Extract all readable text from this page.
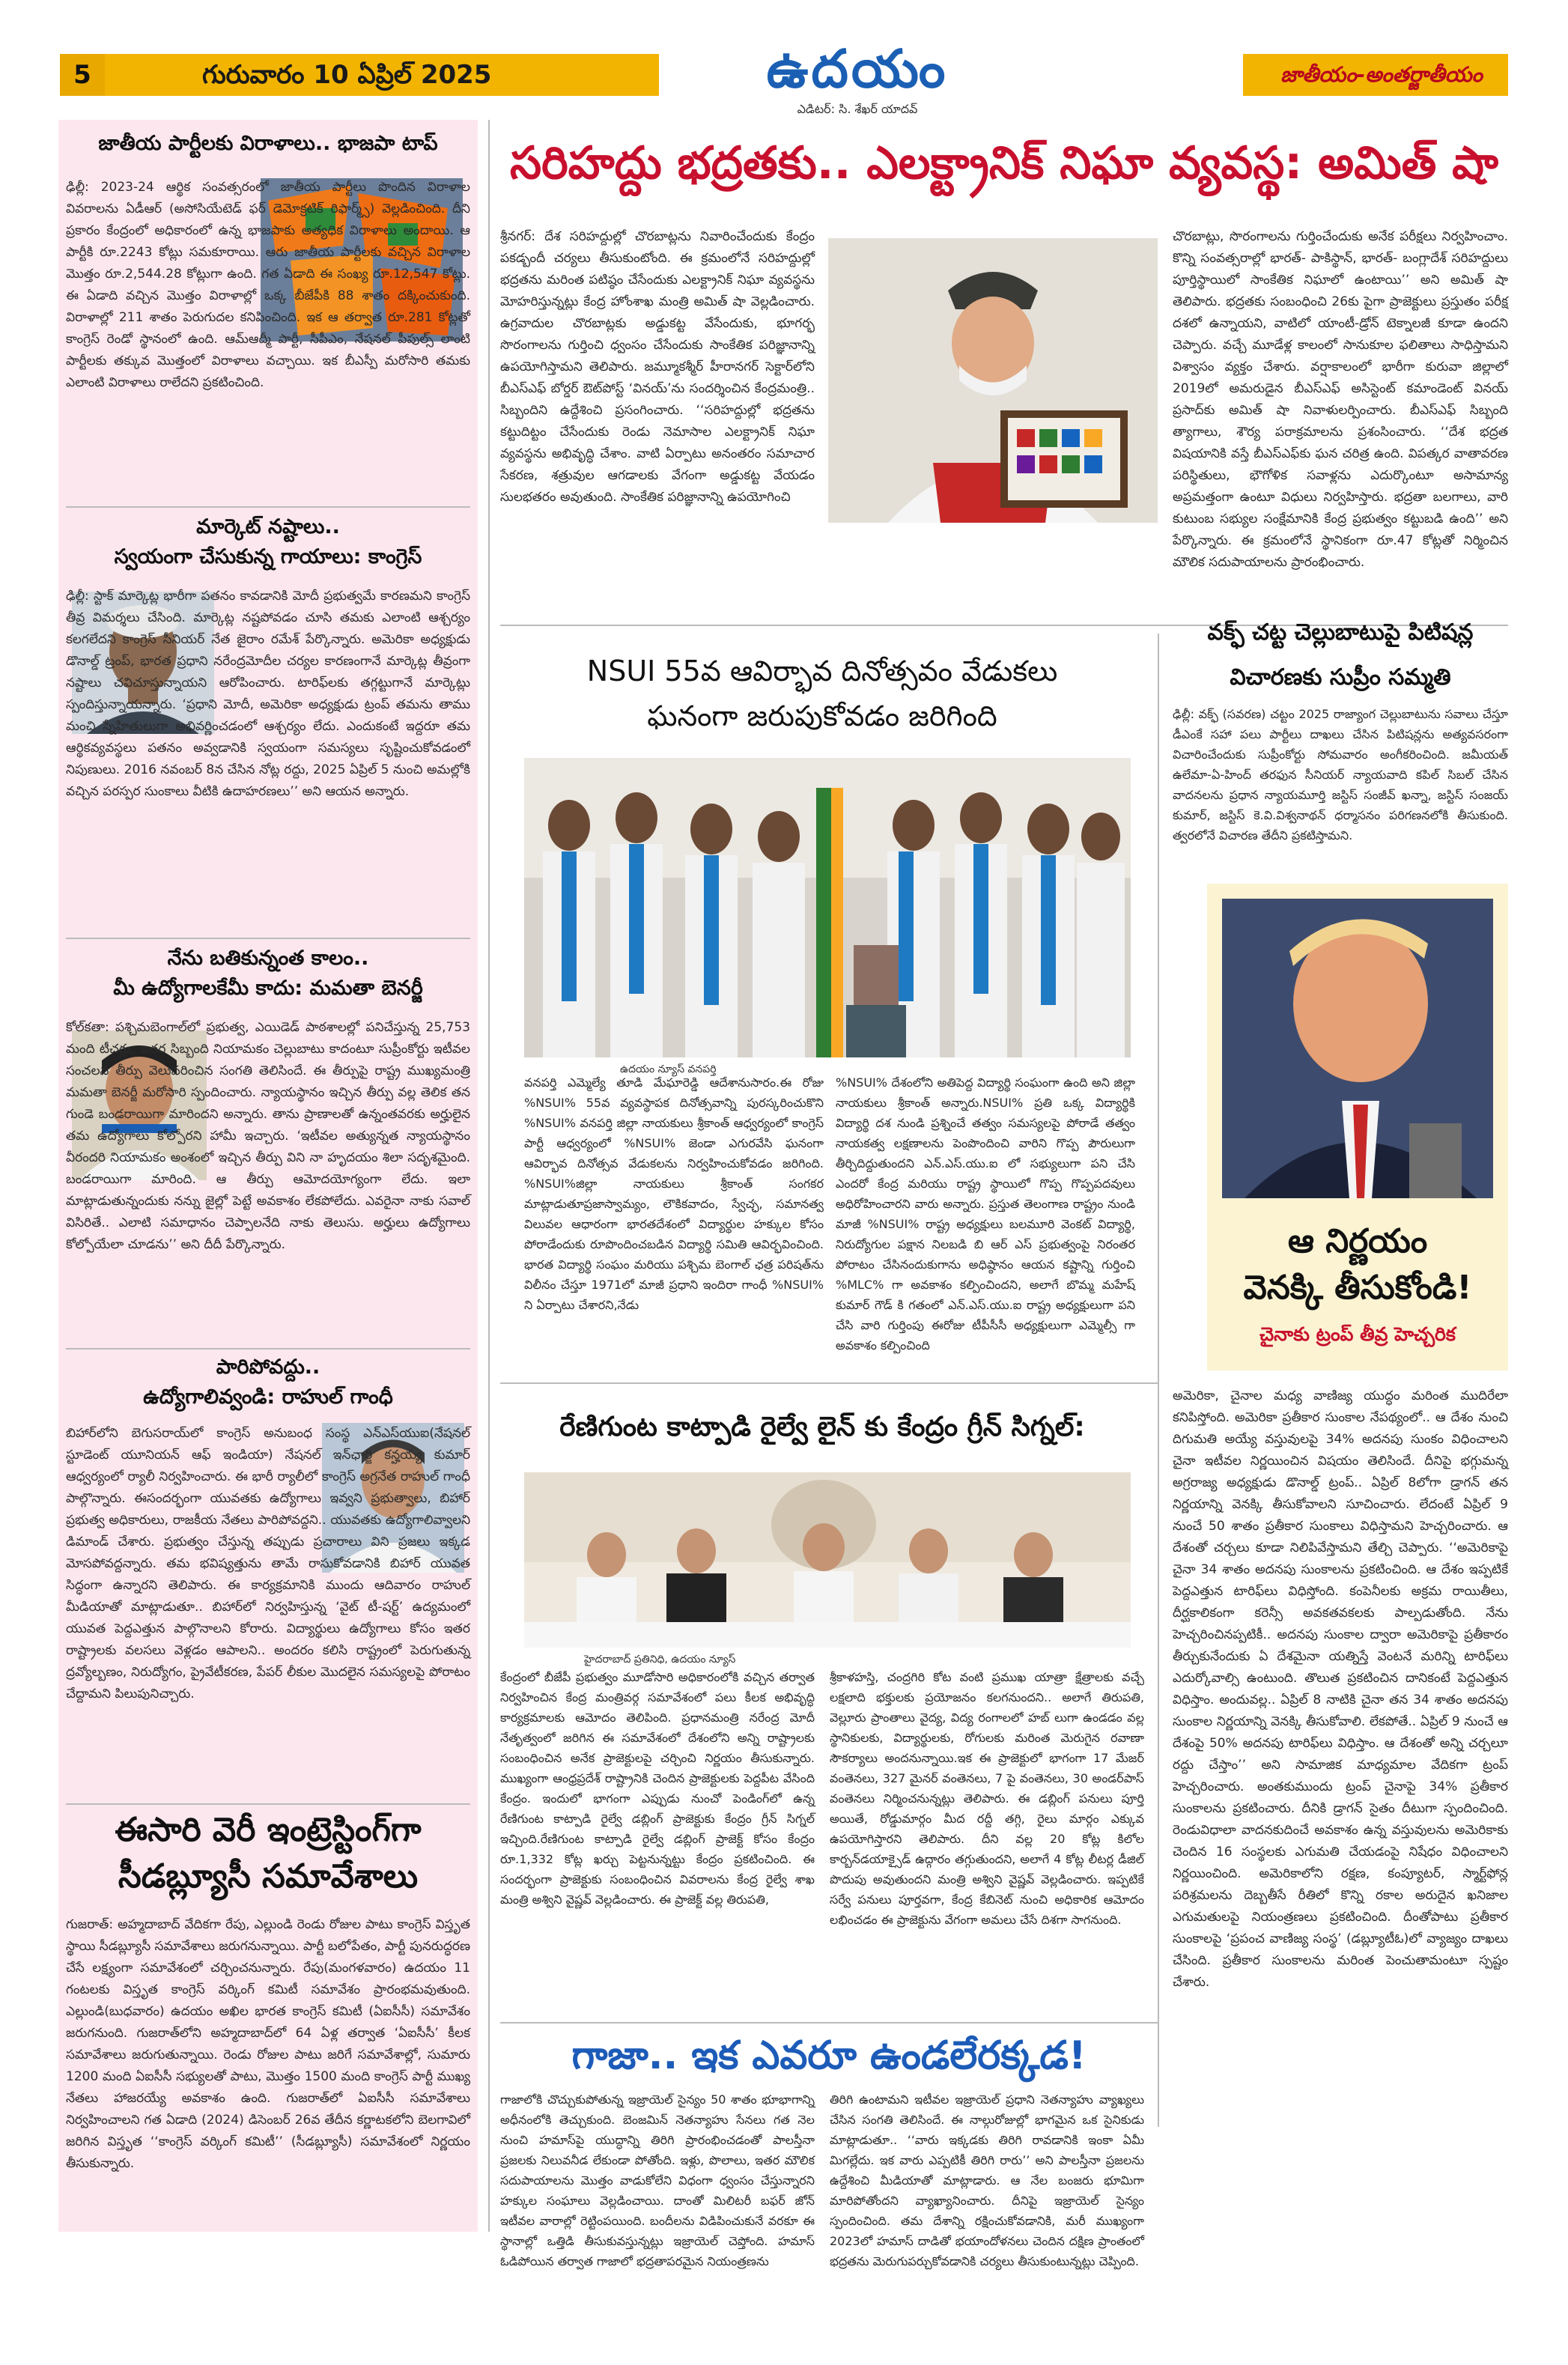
5	గురువారం 10 ఏప్రిల్ 2025	ఉదయం
ఎడిటర్: సి. శేఖర్ యాదవ్
జాతీయం-అంతర్జాతీయం
జాతీయ పార్టీలకు విరాళాలు.. భాజపా టాప్
ఢిల్లీ: 2023-24 ఆర్థిక సంవత్సరంలో జాతీయ పార్టీలు పొందిన విరాళాల వివరాలను ఏడీఆర్ (అసోసియేటెడ్ ఫర్ డెమోక్రటిక్ రిఫార్మ్స్) వెల్లడించింది. దీని ప్రకారం కేంద్రంలో అధికారంలో ఉన్న భాజపాకు అత్యధిక విరాళాలు అందాయి. ఆ పార్టీకి రూ.2243 కోట్లు సమకూరాయి. ఆరు జాతీయ పార్టీలకు వచ్చిన విరాళాల మొత్తం రూ.2,544.28 కోట్లుగా ఉంది. గత ఏడాది ఈ సంఖ్య రూ.12,547 కోట్లు. ఈ ఏడాది వచ్చిన మొత్తం విరాళాల్లో ఒక్క బీజేపీకి 88 శాతం దక్కించుకుంది. విరాళాల్లో 211 శాతం పెరుగుదల కనిపించింది. ఇక ఆ తర్వాత రూ.281 కోట్లతో కాంగ్రెస్ రెండో స్థానంలో ఉంది. ఆమ్ఆద్మీ పార్టీ, సీపీఎం, నేషనల్ పీపుల్స్ లాంటి పార్టీలకు తక్కువ మొత్తంలో విరాళాలు వచ్చాయి. ఇక బీఎస్పీ మరోసారి తమకు ఎలాంటి విరాళాలు రాలేదని ప్రకటించింది.
మార్కెట్ నష్టాలు..
స్వయంగా చేసుకున్న గాయాలు: కాంగ్రెస్
ఢిల్లీ: స్టాక్ మార్కెట్ల భారీగా పతనం కావడానికి మోదీ ప్రభుత్వమే కారణమని కాంగ్రెస్ తీవ్ర విమర్శలు చేసింది. మార్కెట్ల నష్టపోవడం చూసి తమకు ఎలాంటి ఆశ్చర్యం కలగలేదని కాంగ్రెస్ సీనియర్ నేత జైరాం రమేశ్ పేర్కొన్నారు. అమెరికా అధ్యక్షుడు డొనాల్డ్ ట్రంప్, భారత ప్రధాని నరేంద్రమోదీల చర్యల కారణంగానే మార్కెట్ల తీవ్రంగా నష్టాలు చవిచూస్తున్నాయని ఆరోపించారు. టారిఫ్‌లకు తగ్గట్టుగానే మార్కెట్లు స్పందిస్తున్నాయన్నారు. ‘ప్రధాని మోదీ, అమెరికా అధ్యక్షుడు ట్రంప్ తమను తాము మంచి స్నేహితులుగా అభివర్ణించడంలో ఆశ్చర్యం లేదు. ఎందుకంటే ఇద్దరూ తమ ఆర్థికవ్యవస్థలు పతనం అవ్వడానికి స్వయంగా సమస్యలు సృష్టించుకోవడంలో నిపుణులు. 2016 నవంబర్ 8న చేసిన నోట్ల రద్దు, 2025 ఏప్రిల్ 5 నుంచి అమల్లోకి వచ్చిన పరస్పర సుంకాలు వీటికి ఉదాహరణలు’’ అని ఆయన అన్నారు.
నేను బతికున్నంత కాలం..
మీ ఉద్యోగాలకేమీ కాదు: మమతా బెనర్జీ
కోల్‌కతా: పశ్చిమబెంగాల్‌లో ప్రభుత్వ, ఎయిడెడ్ పాఠశాలల్లో పనిచేస్తున్న 25,753 మంది టీచర్లు, ఇతర సిబ్బంది నియామకం చెల్లుబాటు కాదంటూ సుప్రీంకోర్టు ఇటీవల సంచలన తీర్పు వెలువరించిన సంగతి తెలిసిందే. ఈ తీర్పుపై రాష్ట్ర ముఖ్యమంత్రి మమతా బెనర్జీ మరోసారి స్పందించారు. న్యాయస్థానం ఇచ్చిన తీర్పు వల్ల తెలిక తన గుండె బండరాయిగా మారిందని అన్నారు. తాను ప్రాణాలతో ఉన్నంతవరకు అర్హులైన తమ ఉద్యోగాలు కోల్పోరని హామీ ఇచ్చారు. ‘ఇటీవల అత్యున్నత న్యాయస్థానం వీరందరి నియామకం అంశంలో ఇచ్చిన తీర్పు విని నా హృదయం శిలా సదృశమైంది. బండరాయిగా మారింది. ఆ తీర్పు ఆమోదయోగ్యంగా లేదు. ఇలా మాట్లాడుతున్నందుకు నన్ను జైల్లో పెట్టే అవకాశం లేకపోలేదు. ఎవరైనా నాకు సవాల్ విసిరితే.. ఎలాటి సమాధానం చెప్పాలనేది నాకు తెలుసు. అర్హులు ఉద్యోగాలు కోల్పోయేలా చూడను’’ అని దీదీ పేర్కొన్నారు.
పారిపోవద్దు..
ఉద్యోగాలివ్వండి: రాహుల్ గాంధీ
బిహార్‌లోని బెగుసరాయ్‌లో కాంగ్రెస్ అనుబంధ సంస్థ ఎన్ఎస్‌యుఐ(నేషనల్ స్టూడెంట్ యూనియన్ ఆఫ్ ఇండియా) నేషనల్ ఇన్‌ఛార్జి కన్హయ్య కుమార్ ఆధ్వర్యంలో ర్యాలీ నిర్వహించారు. ఈ భారీ ర్యాలీలో కాంగ్రెస్ అగ్రనేత రాహుల్ గాంధీ పాల్గొన్నారు. ఈసందర్భంగా యువతకు ఉద్యోగాలు ఇవ్వని ప్రభుత్వాలు, బిహార్ ప్రభుత్వ అధికారులు, రాజకీయ నేతలు పారిపోవద్దని.. యువతకు ఉద్యోగాలివ్వాలని డిమాండ్ చేశారు. ప్రభుత్వం చేస్తున్న తప్పుడు ప్రచారాలు విని ప్రజలు ఇక్కడ మోసపోవద్దన్నారు. తమ భవిష్యత్తును తామే రాసుకోవడానికి బిహార్ యువత సిద్ధంగా ఉన్నారని తెలిపారు. ఈ కార్యక్రమానికి ముందు ఆదివారం రాహుల్ మీడియాతో మాట్లాడుతూ.. బిహార్‌లో నిర్వహిస్తున్న ‘వైట్ టీ-షర్ట్’ ఉద్యమంలో యువత పెద్దఎత్తున పాల్గొనాలని కోరారు. విద్యార్థులు ఉద్యోగాలు కోసం ఇతర రాష్ట్రాలకు వలసలు వెళ్లడం ఆపాలని.. అందరం కలిసి రాష్ట్రంలో పెరుగుతున్న ద్రవ్యోల్బణం, నిరుద్యోగం, ప్రైవేటీకరణ, పేపర్ లీకుల మొదలైన సమస్యలపై పోరాటం చేద్దామని పిలుపునిచ్చారు.
ఈసారి వెరీ ఇంట్రెస్టింగ్‌గా
సీడబ్ల్యూసీ సమావేశాలు
గుజరాత్: అహ్మదాబాద్ వేదికగా రేపు, ఎల్లుండి రెండు రోజుల పాటు కాంగ్రెస్ విస్తృత స్థాయి సీడబ్ల్యూసీ సమావేశాలు జరుగనున్నాయి. పార్టీ బలోపేతం, పార్టీ పునరుద్ధరణ చేసే లక్ష్యంగా సమావేశంలో చర్చించనున్నారు. రేపు(మంగళవారం) ఉదయం 11 గంటలకు విస్తృత కాంగ్రెస్ వర్కింగ్ కమిటీ సమావేశం ప్రారంభమవుతుంది. ఎల్లుండి(బుధవారం) ఉదయం అఖిల భారత కాంగ్రెస్ కమిటీ (ఏఐసీసీ) సమావేశం జరుగనుంది. గుజరాత్‌లోని అహ్మదాబాద్‌లో 64 ఏళ్ల తర్వాత ‘ఏఐసీసీ’ కీలక సమావేశాలు జరుగుతున్నాయి. రెండు రోజుల పాటు జరిగే సమావేశాల్లో, సుమారు 1200 మంది ఏఐసీసీ సభ్యులతో పాటు, మొత్తం 1500 మంది కాంగ్రెస్ పార్టీ ముఖ్య నేతలు హాజరయ్యే అవకాశం ఉంది. గుజరాత్‌లో ఏఐసీసీ సమావేశాలు నిర్వహించాలని గత ఏడాది (2024) డిసెంబర్ 26వ తేదీన కర్ణాటకలోని బెలగావిలో జరిగిన విస్తృత ‘‘కాంగ్రెస్ వర్కింగ్ కమిటీ’’ (సీడబ్ల్యూసీ) సమావేశంలో నిర్ణయం తీసుకున్నారు.
సరిహద్దు భద్రతకు.. ఎలక్ట్రానిక్ నిఘా వ్యవస్థ: అమిత్ షా
శ్రీనగర్: దేశ సరిహద్దుల్లో చొరబాట్లను నివారించేందుకు కేంద్రం పకడ్బందీ చర్యలు తీసుకుంటోంది. ఈ క్రమంలోనే సరిహద్దుల్లో భద్రతను మరింత పటిష్ఠం చేసేందుకు ఎలక్ట్రానిక్ నిఘా వ్యవస్థను మోహరిస్తున్నట్లు కేంద్ర హోంశాఖ మంత్రి అమిత్ షా వెల్లడించారు. ఉగ్రవాదుల చొరబాట్లకు అడ్డుకట్ట వేసేందుకు, భూగర్భ సొరంగాలను గుర్తించి ధ్వంసం చేసేందుకు సాంకేతిక పరిజ్ఞానాన్ని ఉపయోగిస్తామని తెలిపారు. జమ్మూకశ్మీర్ హీరానగర్ సెక్టార్‌లోని బీఎస్ఎఫ్ బోర్డర్ ఔట్‌పోస్ట్ ‘వినయ్’ను సందర్శించిన కేంద్రమంత్రి.. సిబ్బందిని ఉద్దేశించి ప్రసంగించారు. ‘‘సరిహద్దుల్లో భద్రతను కట్టుదిట్టం చేసేందుకు రెండు నెమాసాల ఎలక్ట్రానిక్ నిఘా వ్యవస్థను అభివృద్ధి చేశాం. వాటి ఏర్పాటు అనంతరం సమాచార సేకరణ, శత్రువుల ఆగడాలకు వేగంగా అడ్డుకట్ట వేయడం సులభతరం అవుతుంది. సాంకేతిక పరిజ్ఞానాన్ని ఉపయోగించి
చొరబాట్లు, సొరంగాలను గుర్తించేందుకు అనేక పరీక్షలు నిర్వహించాం. కొన్ని సంవత్సరాల్లో భారత్- పాకిస్థాన్, భారత్- బంగ్లాదేశ్ సరిహద్దులు పూర్తిస్థాయిలో సాంకేతిక నిఘాలో ఉంటాయి’’ అని అమిత్ షా తెలిపారు. భద్రతకు సంబంధించి 26కు పైగా ప్రాజెక్టులు ప్రస్తుతం పరీక్ష దశలో ఉన్నాయని, వాటిలో యాంటీ-డ్రోన్ టెక్నాలజీ కూడా ఉందని చెప్పారు. వచ్చే మూడేళ్ల కాలంలో సానుకూల ఫలితాలు సాధిస్తామని విశ్వాసం వ్యక్తం చేశారు. వర్షాకాలంలో భారీగా కురువా జిల్లాలో 2019లో అమరుడైన బీఎస్ఎఫ్ అసిస్టెంట్ కమాండెంట్ వినయ్ ప్రసాద్‌కు అమిత్ షా నివాళులర్పించారు. బీఎస్ఎఫ్ సిబ్బంది త్యాగాలు, శౌర్య పరాక్రమాలను ప్రశంసించారు. ‘‘దేశ భద్రత విషయానికి వస్తే బీఎస్ఎఫ్‌కు ఘన చరిత్ర ఉంది. విపత్కర వాతావరణ పరిస్థితులు, భౌగోళిక సవాళ్లను ఎదుర్కొంటూ అసామాన్య అప్రమత్తంగా ఉంటూ విధులు నిర్వహిస్తారు. భద్రతా బలగాలు, వారి కుటుంబ సభ్యుల సంక్షేమానికి కేంద్ర ప్రభుత్వం కట్టుబడి ఉంది’’ అని పేర్కొన్నారు. ఈ క్రమంలోనే స్థానికంగా రూ.47 కోట్లతో నిర్మించిన మౌలిక సదుపాయాలను ప్రారంభించారు.
NSUI 55వ ఆవిర్భావ దినోత్సవం వేడుకలు
ఘనంగా జరుపుకోవడం జరిగింది
ఉదయం న్యూస్ వనపర్తి
వనపర్తి ఎమ్మెల్యే తూడి మేఘారెడ్డి ఆదేశానుసారం.ఈ రోజు %NSUI% 55వ వ్యవస్థాపక దినోత్సవాన్ని పురస్కరించుకొని %NSUI% వనపర్తి జిల్లా నాయకులు శ్రీకాంత్ ఆధ్వర్యంలో కాంగ్రెస్ పార్టీ ఆధ్వర్యంలో %NSUI% జెండా ఎగురవేసి ఘనంగా ఆవిర్భావ దినోత్సవ వేడుకలను నిర్వహించుకోవడం జరిగింది. %NSUI%జిల్లా నాయకులు శ్రీకాంత్ సంగకర మాట్లాడుతూప్రజాస్వామ్యం, లౌకికవాదం, స్వేచ్ఛ, సమానత్వ విలువల ఆధారంగా భారతదేశంలో విద్యార్థుల హక్కుల కోసం పోరాడేందుకు రూపొందించబడిన విద్యార్థి సమితి ఆవిర్భవించింది. భారత విద్యార్థి సంఘం మరియు పశ్చిమ బెంగాల్ ఛత్ర పరిషత్‌ను విలీనం చేస్తూ 1971లో మాజీ ప్రధాని ఇందిరా గాంధీ %NSUI% ని ఏర్పాటు చేశారని,నేడు
%NSUI% దేశంలోని అతిపెద్ద విద్యార్థి సంఘంగా ఉంది అని జిల్లా నాయకులు శ్రీకాంత్ అన్నారు.NSUI% ప్రతి ఒక్క విద్యార్థికి విద్యార్థి దశ నుండి ప్రశ్నించే తత్వం సమస్యలపై పోరాడే తత్వం నాయకత్వ లక్షణాలను పెంపొందించి వారిని గొప్ప పౌరులుగా తీర్చిదిద్దుతుందని ఎన్.ఎస్.యు.ఐ లో సభ్యులుగా పని చేసి ఎందరో కేంద్ర మరియు రాష్ట్ర స్థాయిలో గొప్ప గొప్పపదవులు అధిరోహించారని వారు అన్నారు. ప్రస్తుత తెలంగాణ రాష్ట్రం నుండి మాజీ %NSUI% రాష్ట్ర అధ్యక్షులు బలమూరి వెంకట్ విద్యార్థి, నిరుద్యోగుల పక్షాన నిలబడి బి ఆర్ ఎస్ ప్రభుత్వంపై నిరంతర పోరాటం చేసినందుకుగాను అధిష్ఠానం ఆయన కష్టాన్ని గుర్తించి %MLC% గా అవకాశం కల్పించిందని, అలాగే బొమ్మ మహేష్ కుమార్ గౌడ్ కి గతంలో ఎన్.ఎస్.యు.ఐ రాష్ట్ర అధ్యక్షులుగా పని చేసి వారి గుర్తింపు ఈరోజు టీపీసీసీ అధ్యక్షులుగా ఎమ్మెల్సీ గా అవకాశం కల్పించింది
వక్ఫ్ చట్ట చెల్లుబాటుపై పిటిషన్ల
విచారణకు సుప్రీం సమ్మతి
ఢిల్లీ: వక్ఫ్ (సవరణ) చట్టం 2025 రాజ్యాంగ చెల్లుబాటును సవాలు చేస్తూ డీఎంకే సహా పలు పార్టీలు దాఖలు చేసిన పిటిషన్లను అత్యవసరంగా విచారించేందుకు సుప్రీంకోర్టు సోమవారం అంగీకరించింది. జమీయత్ ఉలేమా-ఏ-హింద్ తరఫున సీనియర్ న్యాయవాది కపిల్ సిబల్ చేసిన వాదనలను ప్రధాన న్యాయమూర్తి జస్టిస్ సంజీవ్ ఖన్నా, జస్టిస్ సంజయ్ కుమార్, జస్టిస్ కె.వి.విశ్వనాథన్ ధర్మాసనం పరిగణనలోకి తీసుకుంది. త్వరలోనే విచారణ తేదీని ప్రకటిస్తామని.
ఆ నిర్ణయం
వెనక్కి తీసుకోండి!
చైనాకు ట్రంప్ తీవ్ర హెచ్చరిక
అమెరికా, చైనాల మధ్య వాణిజ్య యుద్ధం మరింత ముదిరేలా కనిపిస్తోంది. అమెరికా ప్రతీకార సుంకాల నేపథ్యంలో.. ఆ దేశం నుంచి దిగుమతి అయ్యే వస్తువులపై 34% అదనపు సుంకం విధించాలని చైనా ఇటీవల నిర్ణయించిన విషయం తెలిసిందే. దీనిపై భగ్గుమన్న అగ్రరాజ్య అధ్యక్షుడు డొనాల్డ్ ట్రంప్.. ఏప్రిల్ 8లోగా డ్రాగన్ తన నిర్ణయాన్ని వెనక్కి తీసుకోవాలని సూచించారు. లేదంటే ఏప్రిల్ 9 నుంచే 50 శాతం ప్రతీకార సుంకాలు విధిస్తామని హెచ్చరించారు. ఆ దేశంతో చర్చలు కూడా నిలిపివేస్తామని తేల్చి చెప్పారు. ‘‘అమెరికాపై చైనా 34 శాతం అదనపు సుంకాలను ప్రకటించింది. ఆ దేశం ఇప్పటికే పెద్దఎత్తున టారిఫ్‌లు విధిస్తోంది. కంపెనీలకు అక్రమ రాయితీలు, దీర్ఘకాలికంగా కరెన్సీ అవకతవకలకు పాల్పడుతోంది. నేను హెచ్చరించినప్పటికీ.. అదనపు సుంకాల ద్వారా అమెరికాపై ప్రతీకారం తీర్చుకునేందుకు ఏ దేశమైనా యత్నిస్తే వెంటనే మరిన్ని టారిఫ్‌లు ఎదుర్కోవాల్సి ఉంటుంది. తొలుత ప్రకటించిన దానికంటే పెద్దఎత్తున విధిస్తాం. అందువల్ల.. ఏప్రిల్ 8 నాటికి చైనా తన 34 శాతం అదనపు సుంకాల నిర్ణయాన్ని వెనక్కి తీసుకోవాలి. లేకపోతే.. ఏప్రిల్ 9 నుంచే ఆ దేశంపై 50% అదనపు టారిఫ్‌లు విధిస్తాం. ఆ దేశంతో అన్ని చర్చలూ రద్దు చేస్తాం’’ అని సామాజిక మాధ్యమాల వేదికగా ట్రంప్ హెచ్చరించారు. అంతకుముందు ట్రంప్ చైనాపై 34% ప్రతీకార సుంకాలను ప్రకటించారు. దీనికి డ్రాగన్ సైతం దీటుగా స్పందించింది. రెండువిధాలా వాదనకుదించే అవకాశం ఉన్న వస్తువులను అమెరికాకు చెందిన 16 సంస్థలకు ఎగుమతి చేయడంపై నిషేధం విధించాలని నిర్ణయించింది. అమెరికాలోని రక్షణ, కంప్యూటర్, స్మార్ట్‌ఫోన్ల పరిశ్రమలను దెబ్బతీసే రీతిలో కొన్ని రకాల అరుదైన ఖనిజాల ఎగుమతులపై నియంత్రణలు ప్రకటించింది. దీంతోపాటు ప్రతీకార సుంకాలపై ‘ప్రపంచ వాణిజ్య సంస్థ’ (డబ్ల్యూటీఓ)లో వ్యాజ్యం దాఖలు చేసింది. ప్రతీకార సుంకాలను మరింత పెంచుతామంటూ స్పష్టం చేశారు.
రేణిగుంట కాట్పాడి రైల్వే లైన్ కు కేంద్రం గ్రీన్ సిగ్నల్:
హైదరాబాద్ ప్రతినిధి, ఉదయం న్యూస్
కేంద్రంలో బీజేపీ ప్రభుత్వం మూడోసారి అధికారంలోకి వచ్చిన తర్వాత నిర్వహించిన కేంద్ర మంత్రివర్గ సమావేశంలో పలు కీలక అభివృద్ధి కార్యక్రమాలకు ఆమోదం తెలిపింది. ప్రధానమంత్రి నరేంద్ర మోదీ నేతృత్వంలో జరిగిన ఈ సమావేశంలో దేశంలోని అన్ని రాష్ట్రాలకు సంబంధించిన అనేక ప్రాజెక్టులపై చర్చించి నిర్ణయం తీసుకున్నారు. ముఖ్యంగా ఆంధ్రప్రదేశ్ రాష్ట్రానికి చెందిన ప్రాజెక్టులకు పెద్దపీట వేసింది కేంద్రం. ఇందులో భాగంగా ఎప్పుడు నుంచో పెండింగ్‌లో ఉన్న రేణిగుంట కాట్పాడి రైల్వే డబ్లింగ్ ప్రాజెక్టుకు కేంద్రం గ్రీన్ సిగ్నల్ ఇచ్చింది.రేణిగుంట కాట్పాడి రైల్వే డబ్లింగ్ ప్రాజెక్ట్ కోసం కేంద్రం రూ.1,332 కోట్ల ఖర్చు పెట్టనున్నట్టు కేంద్రం ప్రకటించింది. ఈ సందర్భంగా ప్రాజెక్టుకు సంబంధించిన వివరాలను కేంద్ర రైల్వే శాఖ మంత్రి అశ్విని వైష్ణవ్ వెల్లడించారు. ఈ ప్రాజెక్ట్ వల్ల తిరుపతి,
శ్రీకాళహస్తి, చంద్రగిరి కోట వంటి ప్రముఖ యాత్రా క్షేత్రాలకు వచ్చే లక్షలాది భక్తులకు ప్రయోజనం కలగనుందని.. అలాగే తిరుపతి, వెల్లూరు ప్రాంతాలు వైద్య, విద్య రంగాలలో హబ్ లుగా ఉండడం వల్ల స్థానికులకు, విద్యార్థులకు, రోగులకు మరింత మెరుగైన రవాణా సౌకర్యాలు అందనున్నాయి.ఇక ఈ ప్రాజెక్టులో భాగంగా 17 మేజర్ వంతెనలు, 327 మైనర్ వంతెనలు, 7 పై వంతెనలు, 30 అండర్‌పాస్ వంతెనలు నిర్మించనున్నట్లు తెలిపారు. ఈ డబ్లింగ్ పనులు పూర్తి అయితే, రోడ్డుమార్గం మీద రద్దీ తగ్గి, రైలు మార్గం ఎక్కువ ఉపయోగిస్తారని తెలిపారు. దీని వల్ల 20 కోట్ల కిలోల కార్బన్‌డయాక్సైడ్ ఉద్గారం తగ్గుతుందని, అలాగే 4 కోట్ల లీటర్ల డీజిల్ పొదుపు అవుతుందని మంత్రి అశ్విని వైష్ణవ్ వెల్లడించారు. ఇప్పటికే సర్వే పనులు పూర్తవగా, కేంద్ర కేబినెట్ నుంచి అధికారిక ఆమోదం లభించడం ఈ ప్రాజెక్టును వేగంగా అమలు చేసే దిశగా సాగనుంది.
గాజా.. ఇక ఎవరూ ఉండలేరక్కడ!
గాజాలోకి చొచ్చుకుపోతున్న ఇజ్రాయెల్ సైన్యం 50 శాతం భూభాగాన్ని అధీనంలోకి తెచ్చుకుంది. బెంజమిన్ నెతన్యాహు సేనలు గత నెల నుంచి హమాస్‌పై యుద్ధాన్ని తిరిగి ప్రారంభించడంతో పాలస్తీనా ప్రజలకు నిలువనీడ లేకుండా పోతోంది. ఇళ్లు, పొలాలు, ఇతర మౌలిక సదుపాయాలను మొత్తం వాడుకోలేని విధంగా ధ్వంసం చేస్తున్నారని హక్కుల సంఘాలు వెల్లడించాయి. దాంతో మిలిటరీ బఫర్ జోన్ ఇటీవల వారాల్లో రెట్టింపయింది. బందీలను విడిపించుకునే వరకూ ఈ స్థానాల్లో ఒత్తిడి తీసుకువస్తున్నట్లు ఇజ్రాయెల్ చెప్తోంది. హమాస్ ఓడిపోయిన తర్వాత గాజాలో భద్రతాపరమైన నియంత్రణను
తిరిగి ఉంటామని ఇటీవల ఇజ్రాయెల్ ప్రధాని నెతన్యాహు వ్యాఖ్యలు చేసిన సంగతి తెలిసిందే. ఈ నాల్గురోజుల్లో భాగమైన ఒక సైనికుడు మాట్లాడుతూ.. ‘‘వారు ఇక్కడకు తిరిగి రావడానికి ఇంకా ఏమీ మిగల్లేదు. ఇక వారు ఎప్పటికీ తిరిగి రారు’’ అని పాలస్తీనా ప్రజలను ఉద్దేశించి మీడియాతో మాట్లాడారు. ఆ నేల బంజరు భూమిగా మారిపోతోందని వ్యాఖ్యానించారు. దీనిపై ఇజ్రాయెల్ సైన్యం స్పందించింది. తమ దేశాన్ని రక్షించుకోవడానికి, మరీ ముఖ్యంగా 2023లో హమాస్ దాడితో భయాందోళనలు చెందిన దక్షిణ ప్రాంతంలో భద్రతను మెరుగుపర్చుకోవడానికి చర్యలు తీసుకుంటున్నట్లు చెప్పింది.
